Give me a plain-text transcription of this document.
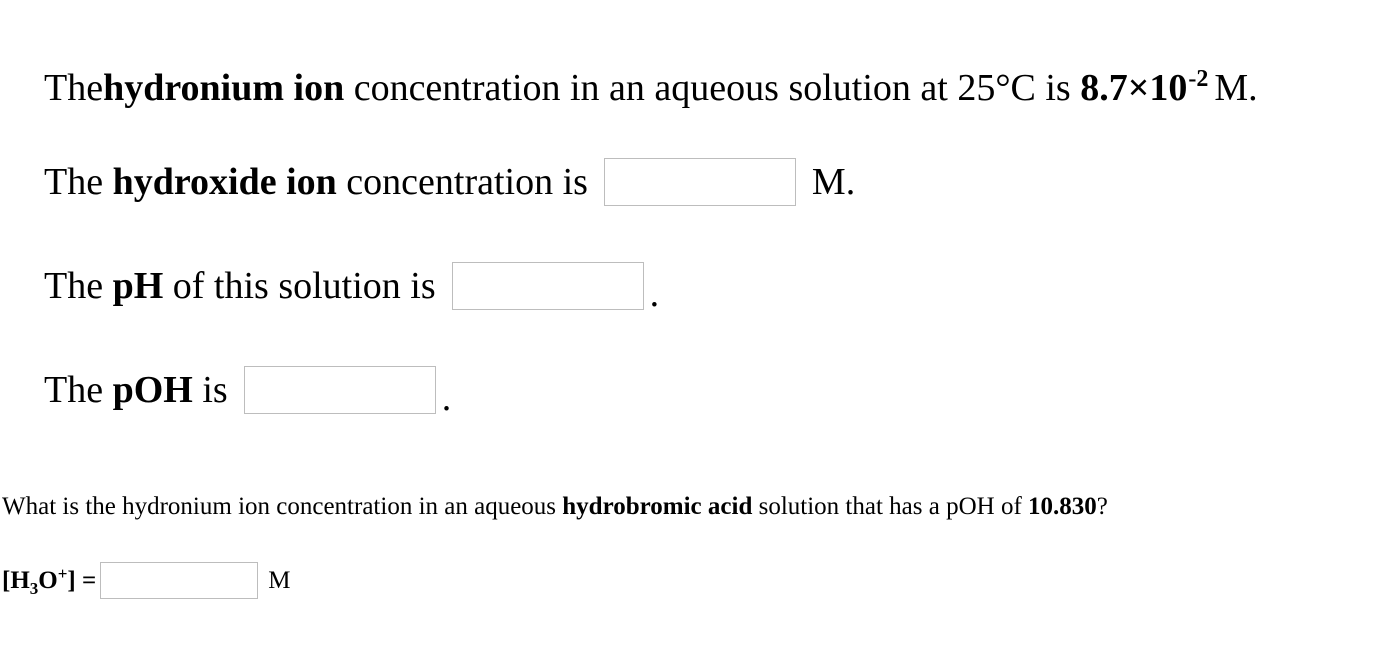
The hydronium ion concentration in an aqueous solution at 25°C is $8.7\times 10^{-2}$ M.
The hydroxide ion concentration is	M.
The pH of this solution is	.
The pOH is	.
What is the hydronium ion concentration in an aqueous hydrobromic acid solution that has a pOH of 10.830 ?
$[H_3O^+]$ =	M
